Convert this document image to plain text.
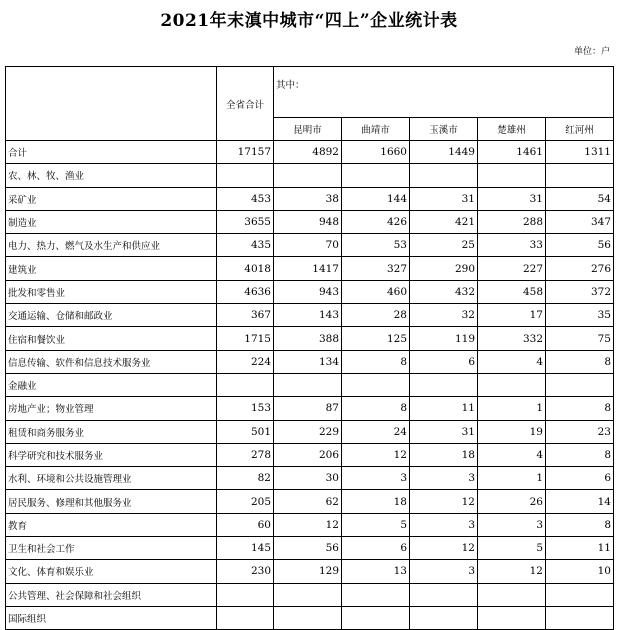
2021年末滇中城市“四上”企业统计表
单位：户
	全省合计	其中：				
		昆明市	曲靖市	玉溪市	楚雄州	红河州
合计	17157	4892	1660	1449	1461	1311
农、林、牧、渔业						
采矿业	453	38	144	31	31	54
制造业	3655	948	426	421	288	347
电力、热力、燃气及水生产和供应业	435	70	53	25	33	56
建筑业	4018	1417	327	290	227	276
批发和零售业	4636	943	460	432	458	372
交通运输、仓储和邮政业	367	143	28	32	17	35
住宿和餐饮业	1715	388	125	119	332	75
信息传输、软件和信息技术服务业	224	134	8	6	4	8
金融业						
房地产业；物业管理	153	87	8	11	1	8
租赁和商务服务业	501	229	24	31	19	23
科学研究和技术服务业	278	206	12	18	4	8
水利、环境和公共设施管理业	82	30	3	3	1	6
居民服务、修理和其他服务业	205	62	18	12	26	14
教育	60	12	5	3	3	8
卫生和社会工作	145	56	6	12	5	11
文化、体育和娱乐业	230	129	13	3	12	10
公共管理、社会保障和社会组织						
国际组织						
